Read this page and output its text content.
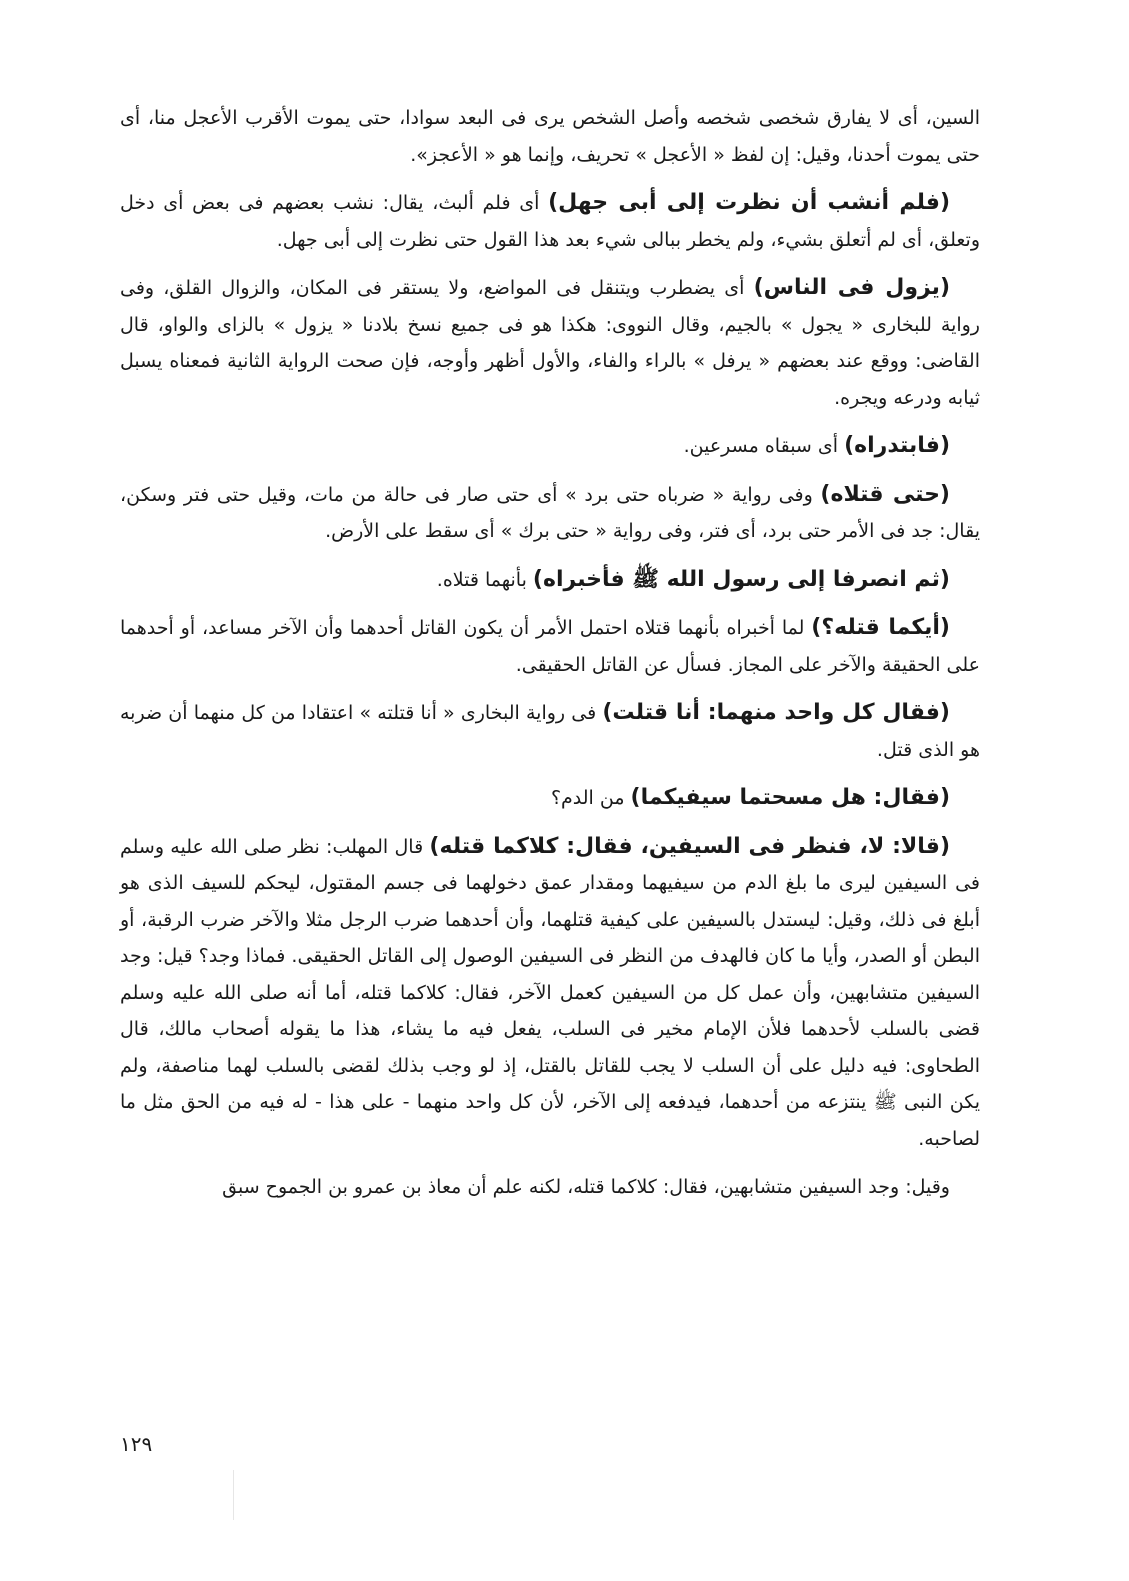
السين، أى لا يفارق شخصى شخصه وأصل الشخص يرى فى البعد سوادا، حتى يموت الأقرب الأعجل منا، أى حتى يموت أحدنا، وقيل: إن لفظ « الأعجل » تحريف، وإنما هو « الأعجز».

(فلم أنشب أن نظرت إلى أبى جهل) أى فلم ألبث، يقال: نشب بعضهم فى بعض أى دخل وتعلق، أى لم أتعلق بشيء، ولم يخطر ببالى شيء بعد هذا القول حتى نظرت إلى أبى جهل.

(يزول فى الناس) أى يضطرب ويتنقل فى المواضع، ولا يستقر فى المكان، والزوال القلق، وفى رواية للبخارى « يجول » بالجيم، وقال النووى: هكذا هو فى جميع نسخ بلادنا « يزول » بالزاى والواو، قال القاضى: ووقع عند بعضهم « يرفل » بالراء والفاء، والأول أظهر وأوجه، فإن صحت الرواية الثانية فمعناه يسبل ثيابه ودرعه ويجره.

(فابتدراه) أى سبقاه مسرعين.

(حتى قتلاه) وفى رواية « ضرباه حتى برد » أى حتى صار فى حالة من مات، وقيل حتى فتر وسكن، يقال: جد فى الأمر حتى برد، أى فتر، وفى رواية « حتى برك » أى سقط على الأرض.

(ثم انصرفا إلى رسول الله ﷺ فأخبراه) بأنهما قتلاه.

(أيكما قتله؟) لما أخبراه بأنهما قتلاه احتمل الأمر أن يكون القاتل أحدهما وأن الآخر مساعد، أو أحدهما على الحقيقة والآخر على المجاز. فسأل عن القاتل الحقيقى.

(فقال كل واحد منهما: أنا قتلت) فى رواية البخارى « أنا قتلته » اعتقادا من كل منهما أن ضربه هو الذى قتل.

(فقال: هل مسحتما سيفيكما) من الدم؟

(قالا: لا، فنظر فى السيفين، فقال: كلاكما قتله) قال المهلب: نظر صلى الله عليه وسلم فى السيفين ليرى ما بلغ الدم من سيفيهما ومقدار عمق دخولهما فى جسم المقتول، ليحكم للسيف الذى هو أبلغ فى ذلك، وقيل: ليستدل بالسيفين على كيفية قتلهما، وأن أحدهما ضرب الرجل مثلا والآخر ضرب الرقبة، أو البطن أو الصدر، وأيا ما كان فالهدف من النظر فى السيفين الوصول إلى القاتل الحقيقى. فماذا وجد؟ قيل: وجد السيفين متشابهين، وأن عمل كل من السيفين كعمل الآخر، فقال: كلاكما قتله، أما أنه صلى الله عليه وسلم قضى بالسلب لأحدهما فلأن الإمام مخير فى السلب، يفعل فيه ما يشاء، هذا ما يقوله أصحاب مالك، قال الطحاوى: فيه دليل على أن السلب لا يجب للقاتل بالقتل، إذ لو وجب بذلك لقضى بالسلب لهما مناصفة، ولم يكن النبى ﷺ ينتزعه من أحدهما، فيدفعه إلى الآخر، لأن كل واحد منهما - على هذا - له فيه من الحق مثل ما لصاحبه.

وقيل: وجد السيفين متشابهين، فقال: كلاكما قتله، لكنه علم أن معاذ بن عمرو بن الجموح سبق

١٢٩
